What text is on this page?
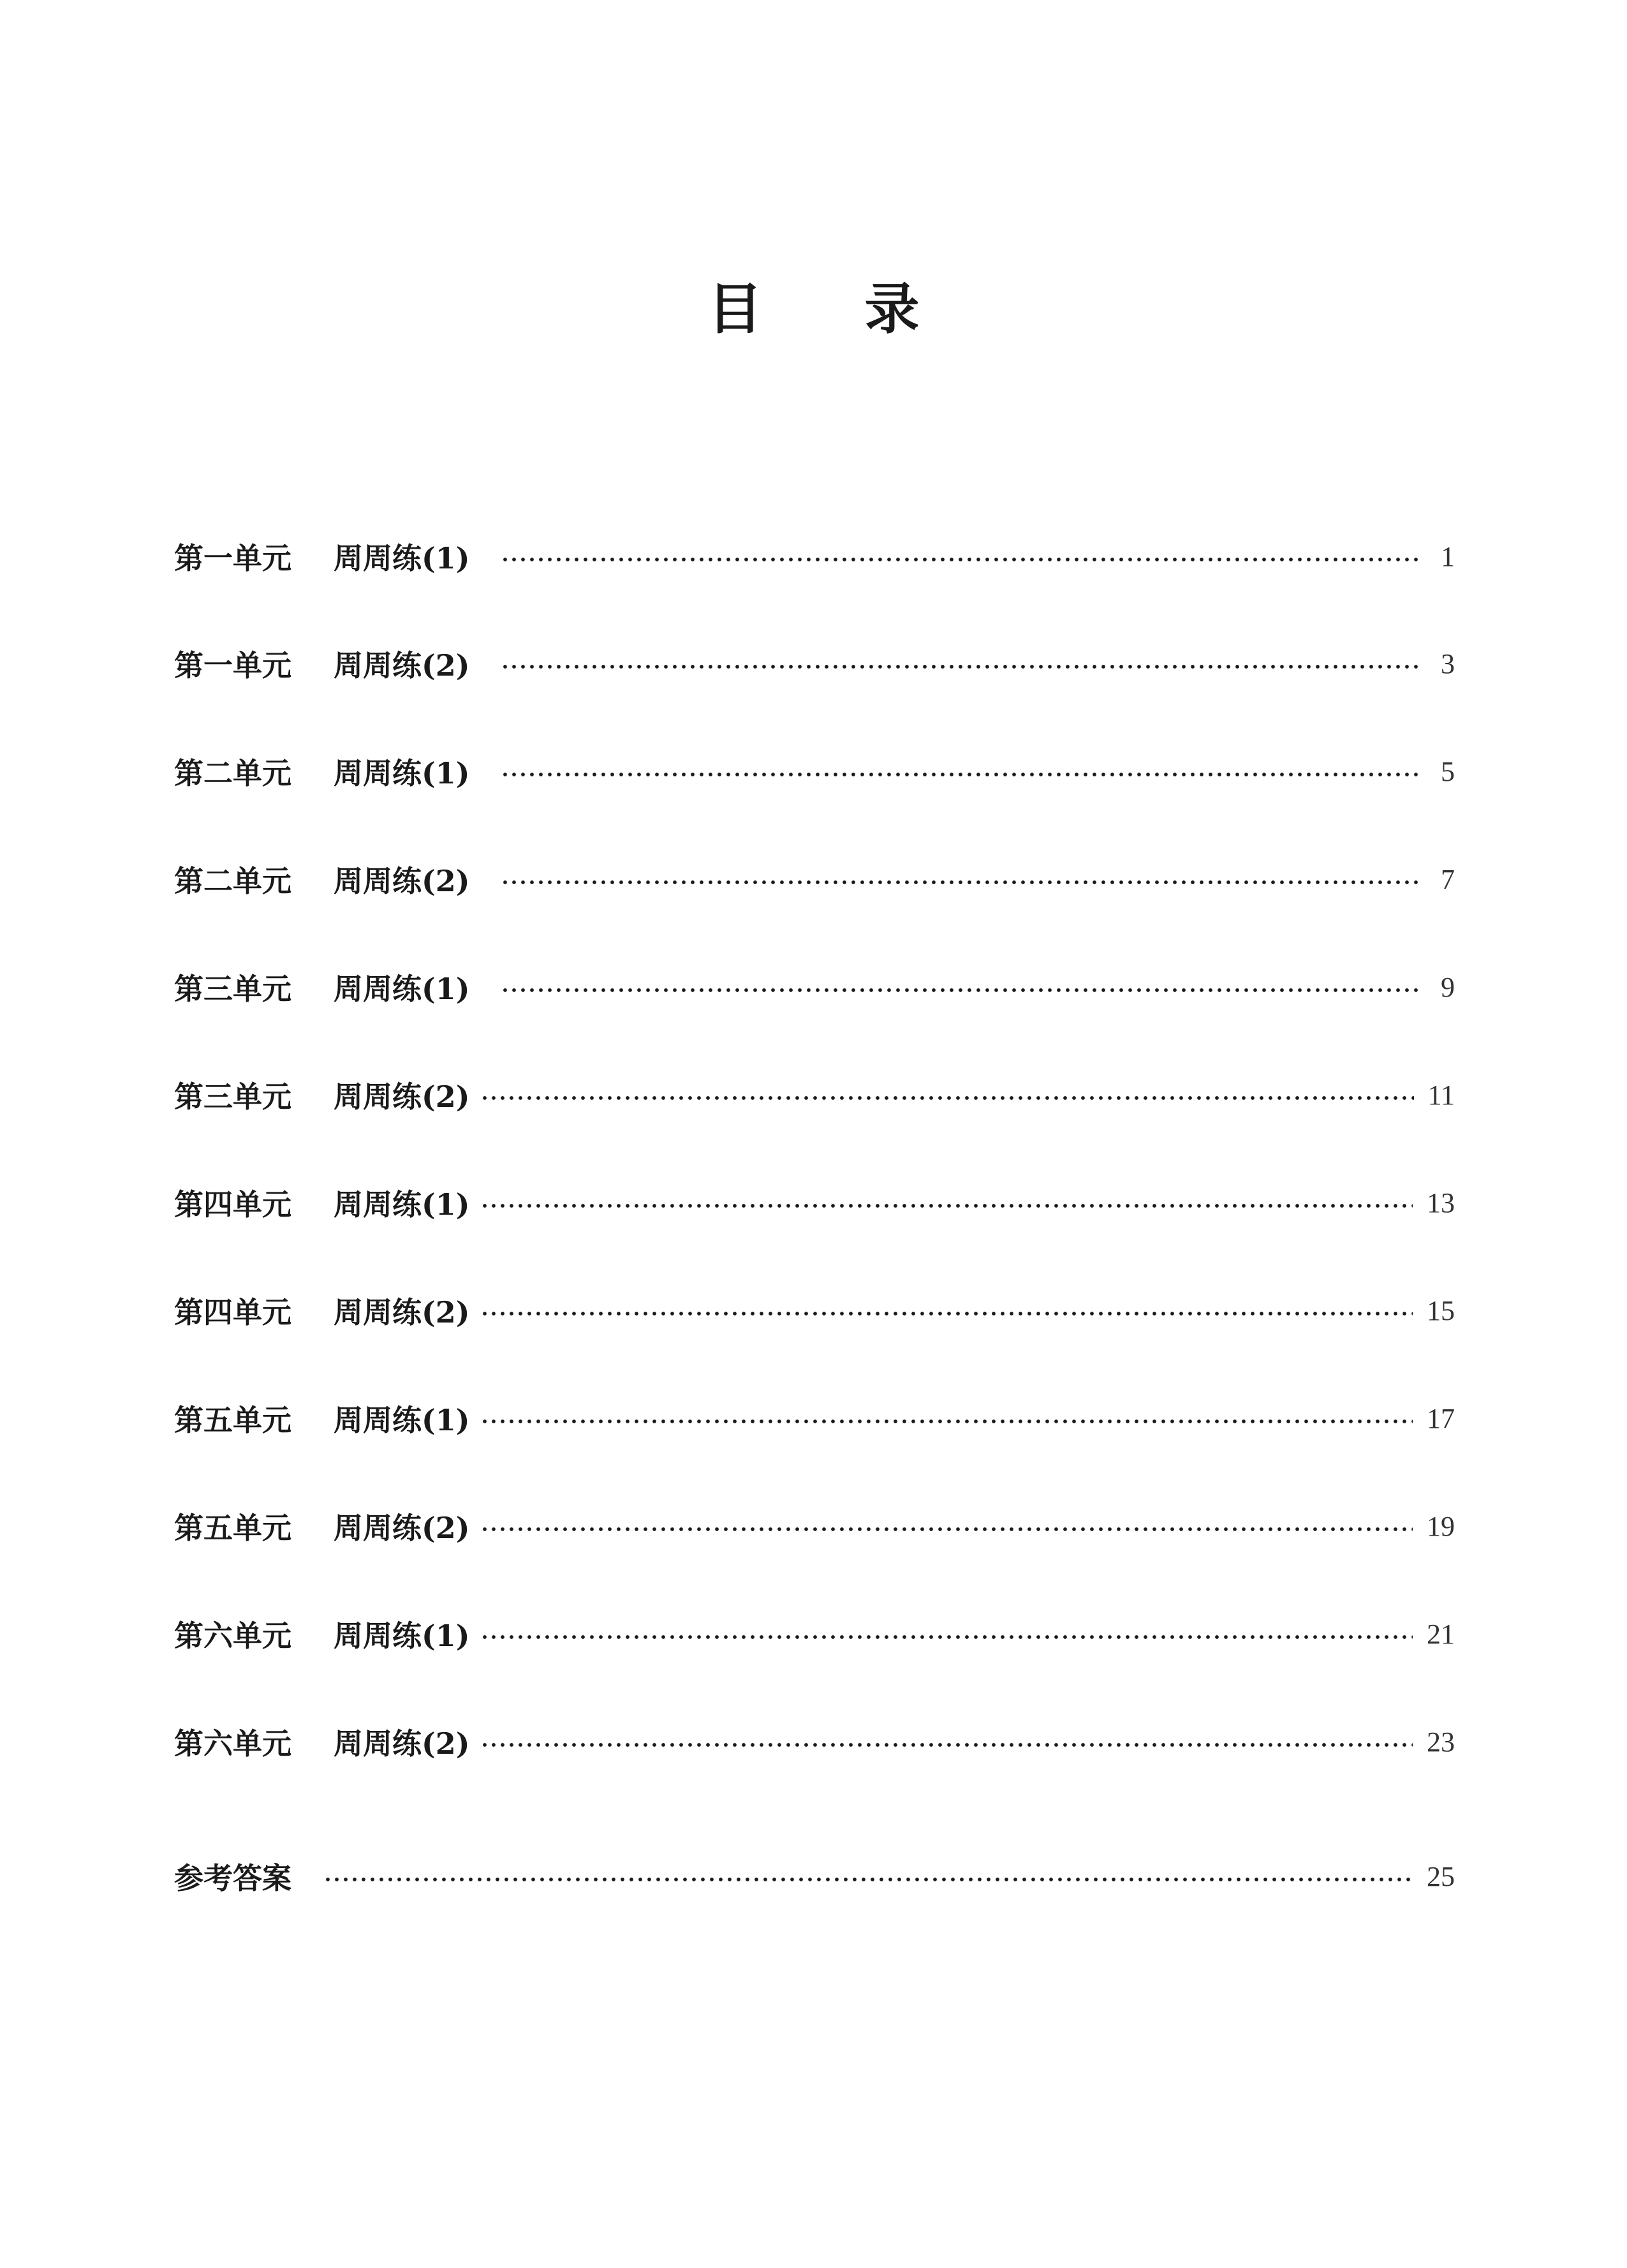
目 录
第一单元	周周练(1)	1
第一单元	周周练(2)	3
第二单元	周周练(1)	5
第二单元	周周练(2)	7
第三单元	周周练(1)	9
第三单元	周周练(2)	11
第四单元	周周练(1)	13
第四单元	周周练(2)	15
第五单元	周周练(1)	17
第五单元	周周练(2)	19
第六单元	周周练(1)	21
第六单元	周周练(2)	23
参考答案	25
